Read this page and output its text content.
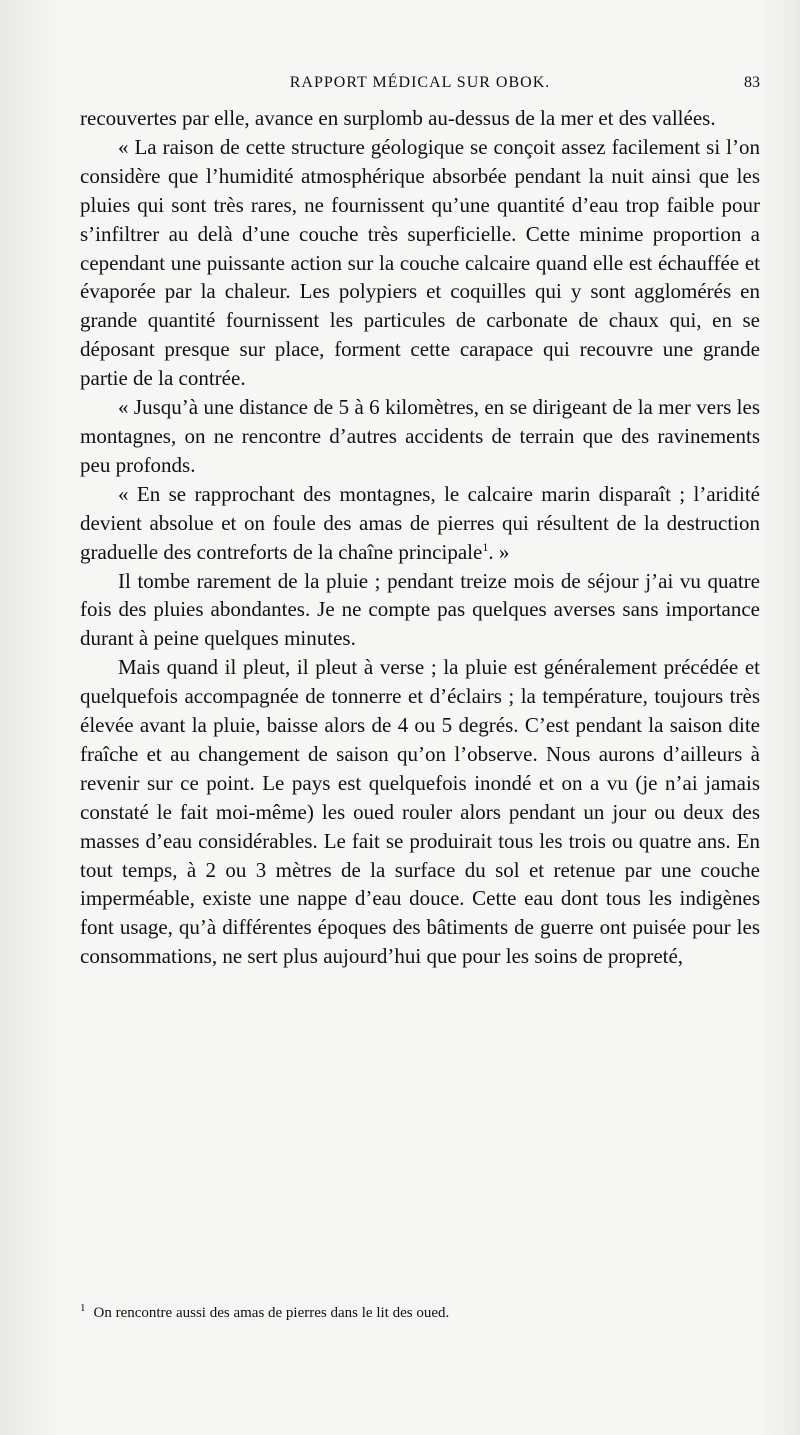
RAPPORT MÉDICAL SUR OBOK.	83

recouvertes par elle, avance en surplomb au-dessus de la mer et des vallées.

« La raison de cette structure géologique se conçoit assez facilement si l’on considère que l’humidité atmosphérique absorbée pendant la nuit ainsi que les pluies qui sont très rares, ne fournissent qu’une quantité d’eau trop faible pour s’infiltrer au delà d’une couche très superficielle. Cette minime proportion a cependant une puissante action sur la couche calcaire quand elle est échauffée et évaporée par la chaleur. Les polypiers et coquilles qui y sont agglomérés en grande quantité fournissent les particules de carbonate de chaux qui, en se déposant presque sur place, forment cette carapace qui recouvre une grande partie de la contrée.

« Jusqu’à une distance de 5 à 6 kilomètres, en se dirigeant de la mer vers les montagnes, on ne rencontre d’autres accidents de terrain que des ravinements peu profonds.

« En se rapprochant des montagnes, le calcaire marin disparaît ; l’aridité devient absolue et on foule des amas de pierres qui résultent de la destruction graduelle des contreforts de la chaîne principale$^1$. »

Il tombe rarement de la pluie ; pendant treize mois de séjour j’ai vu quatre fois des pluies abondantes. Je ne compte pas quelques averses sans importance durant à peine quelques minutes.

Mais quand il pleut, il pleut à verse ; la pluie est généralement précédée et quelquefois accompagnée de tonnerre et d’éclairs ; la température, toujours très élevée avant la pluie, baisse alors de 4 ou 5 degrés. C’est pendant la saison dite fraîche et au changement de saison qu’on l’observe. Nous aurons d’ailleurs à revenir sur ce point. Le pays est quelquefois inondé et on a vu (je n’ai jamais constaté le fait moi-même) les oued rouler alors pendant un jour ou deux des masses d’eau considérables. Le fait se produirait tous les trois ou quatre ans. En tout temps, à 2 ou 3 mètres de la surface du sol et retenue par une couche imperméable, existe une nappe d’eau douce. Cette eau dont tous les indigènes font usage, qu’à différentes époques des bâtiments de guerre ont puisée pour les consommations, ne sert plus aujourd’hui que pour les soins de propreté,

$^1$ On rencontre aussi des amas de pierres dans le lit des oued.
